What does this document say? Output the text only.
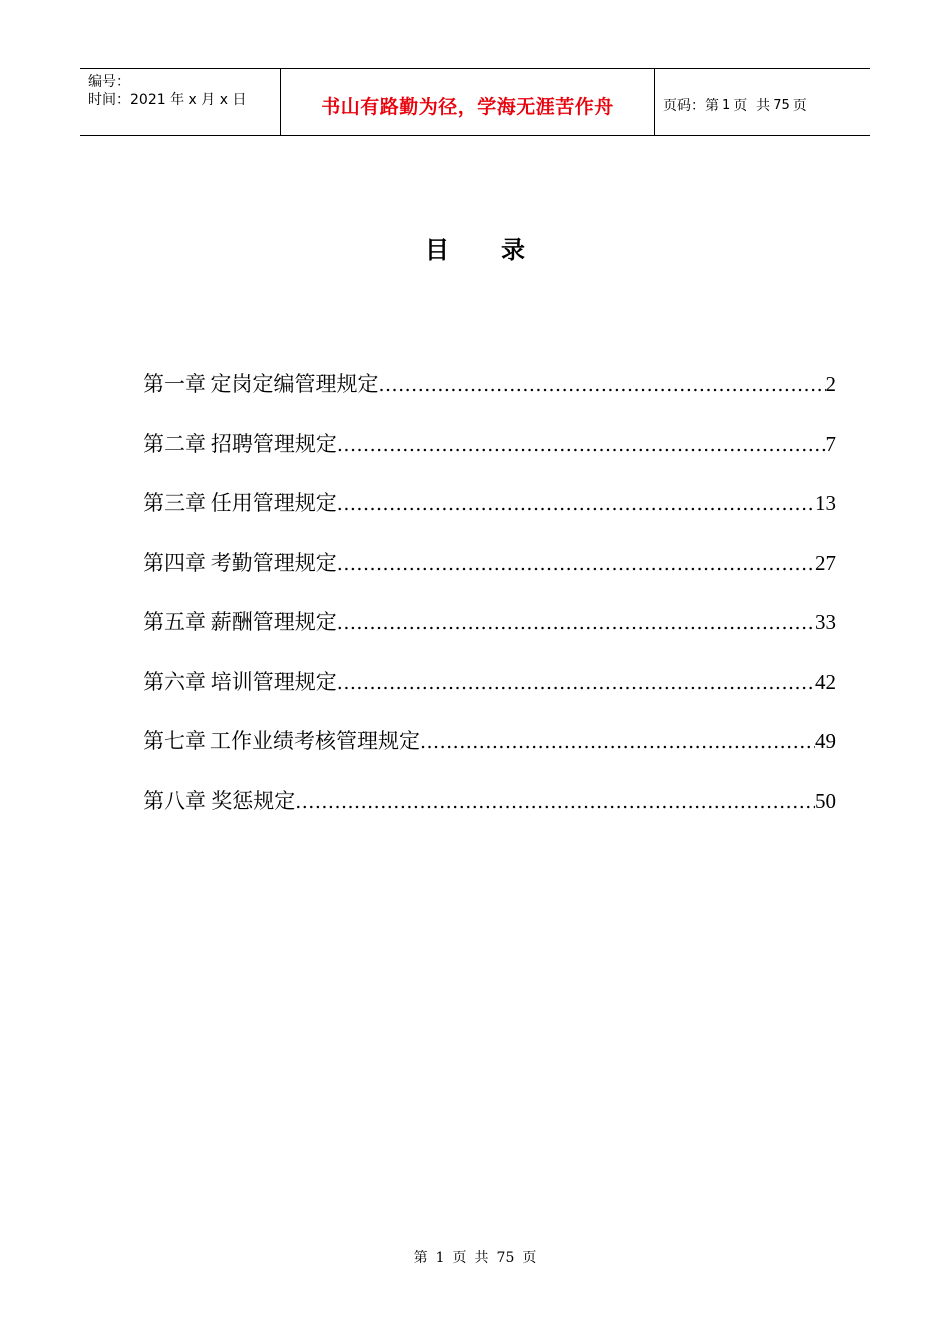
编号：
时间：2021 年 x 月 x 日	书山有路勤为径，学海无涯苦作舟	页码：第 1 页  共 75 页
目 录
第一章 定岗定编管理规定 .....	2
第二章 招聘管理规定 .....	7
第三章 任用管理规定 .....	13
第四章 考勤管理规定 .....	27
第五章 薪酬管理规定 .....	33
第六章 培训管理规定 .....	42
第七章 工作业绩考核管理规定 .....	49
第八章 奖惩规定 .....	50
第 1 页 共 75 页
